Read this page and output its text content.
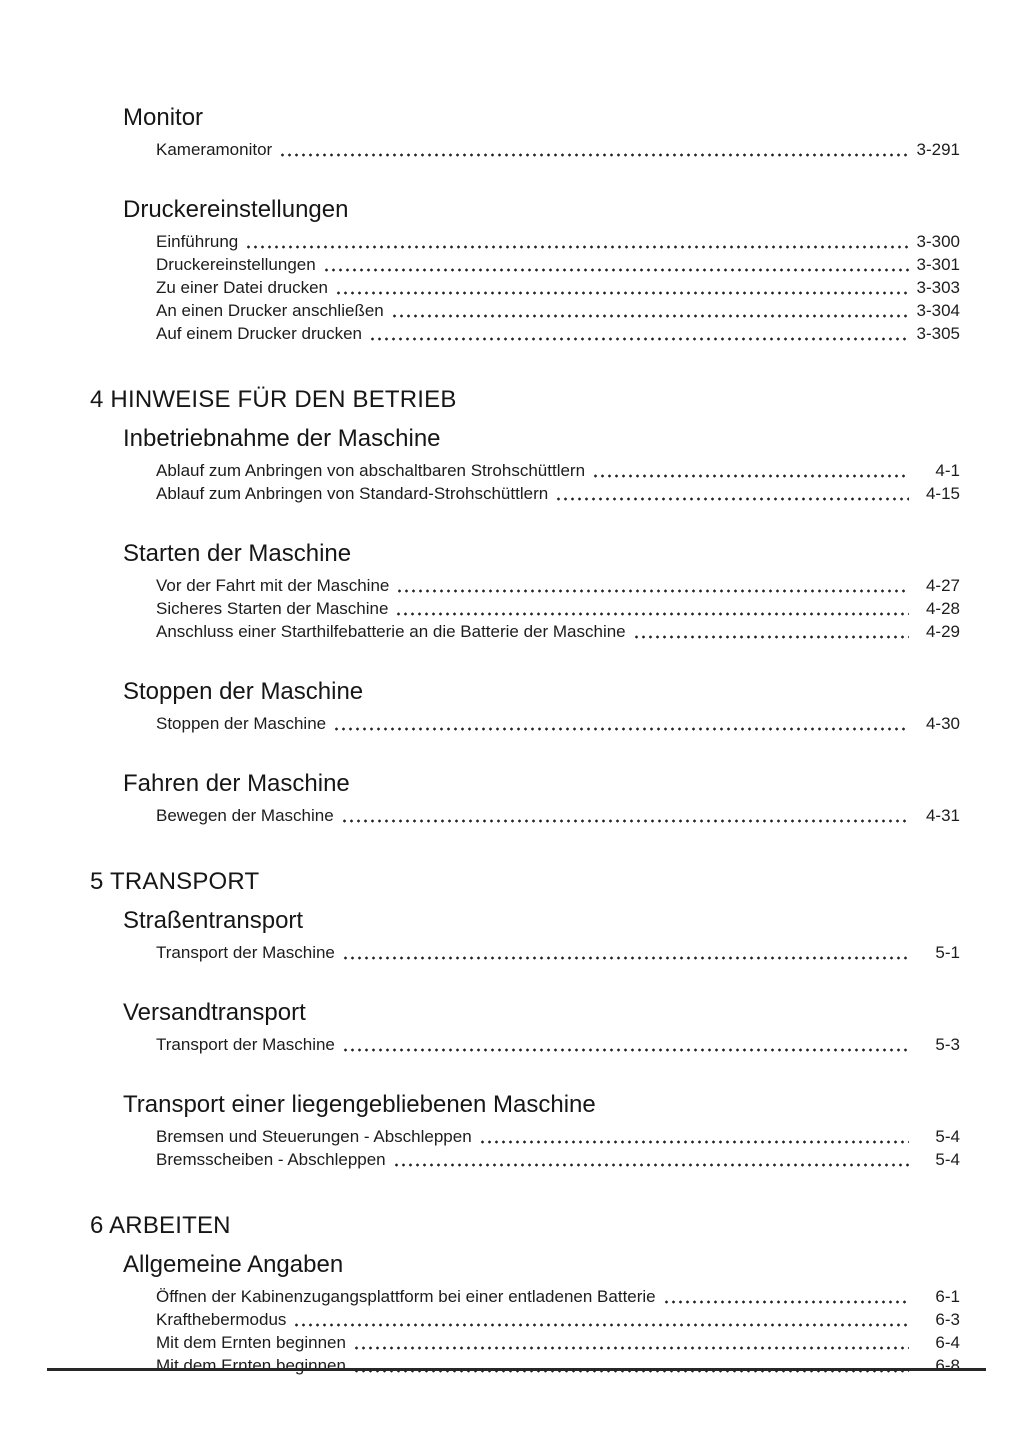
Monitor
Kameramonitor	3-291
Druckereinstellungen
Einführung	3-300
Druckereinstellungen	3-301
Zu einer Datei drucken	3-303
An einen Drucker anschließen	3-304
Auf einem Drucker drucken	3-305
4 HINWEISE FÜR DEN BETRIEB
Inbetriebnahme der Maschine
Ablauf zum Anbringen von abschaltbaren Strohschüttlern	4-1
Ablauf zum Anbringen von Standard-Strohschüttlern	4-15
Starten der Maschine
Vor der Fahrt mit der Maschine	4-27
Sicheres Starten der Maschine	4-28
Anschluss einer Starthilfebatterie an die Batterie der Maschine	4-29
Stoppen der Maschine
Stoppen der Maschine	4-30
Fahren der Maschine
Bewegen der Maschine	4-31
5 TRANSPORT
Straßentransport
Transport der Maschine	5-1
Versandtransport
Transport der Maschine	5-3
Transport einer liegengebliebenen Maschine
Bremsen und Steuerungen - Abschleppen	5-4
Bremsscheiben - Abschleppen	5-4
6 ARBEITEN
Allgemeine Angaben
Öffnen der Kabinenzugangsplattform bei einer entladenen Batterie	6-1
Krafthebermodus	6-3
Mit dem Ernten beginnen	6-4
Mit dem Ernten beginnen	6-8
